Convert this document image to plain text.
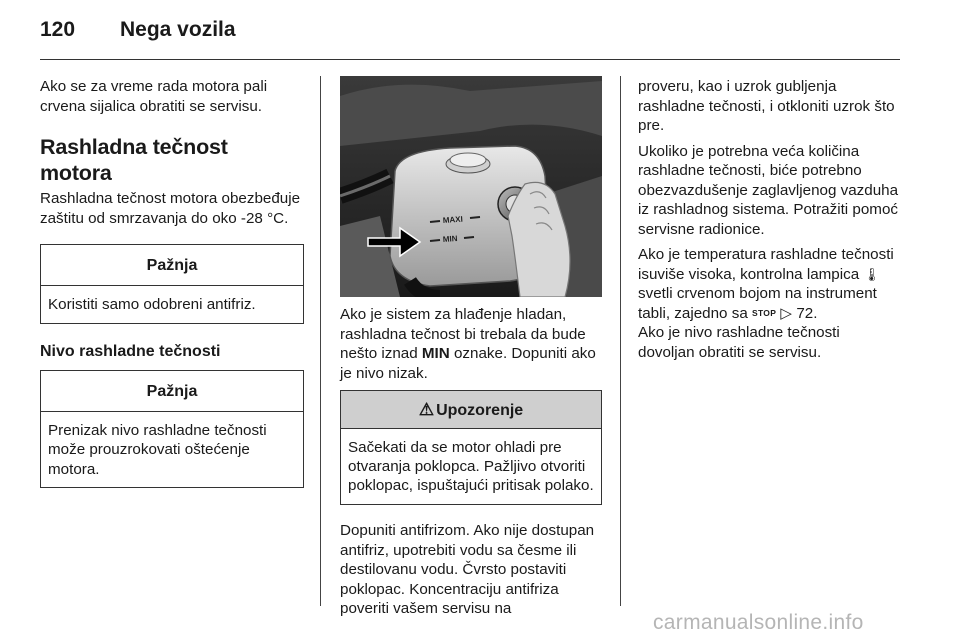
120	Nega vozila

Ako se za vreme rada motora pali crvena sijalica obratiti se servisu.

Rashladna tečnost motora

Rashladna tečnost motora obezbeđuje zaštitu od smrzavanja do oko -28 °C.

Pažnja
Koristiti samo odobreni antifriz.
Nivo rashladne tečnosti
Pažnja
Prenizak nivo rashladne tečnosti može prouzrokovati oštećenje motora.
MAXI
MIN

Ako je sistem za hlađenje hladan, rashladna tečnost bi trebala da bude nešto iznad MIN oznake. Dopuniti ako je nivo nizak.

⚠ Upozorenje
Sačekati da se motor ohladi pre otvaranja poklopca. Pažljivo otvoriti poklopac, ispuštajući pritisak polako.

Dopuniti antifrizom. Ako nije dostupan antifriz, upotrebiti vodu sa česme ili destilovanu vodu. Čvrsto postaviti poklopac. Koncentraciju antifriza poveriti vašem servisu na

proveru, kao i uzrok gubljenja rashladne tečnosti, i otkloniti uzrok što pre.

Ukoliko je potrebna veća količina rashladne tečnosti, biće potrebno obezvazdušenje zaglavljenog vazduha iz rashladnog sistema. Potražiti pomoć servisne radionice.

Ako je temperatura rashladne tečnosti isuviše visoka, kontrolna lampica 🌡 svetli crvenom bojom na instrument tabli, zajedno sa STOP ▷ 72.
Ako je nivo rashladne tečnosti dovoljan obratiti se servisu.

carmanualsonline.info
